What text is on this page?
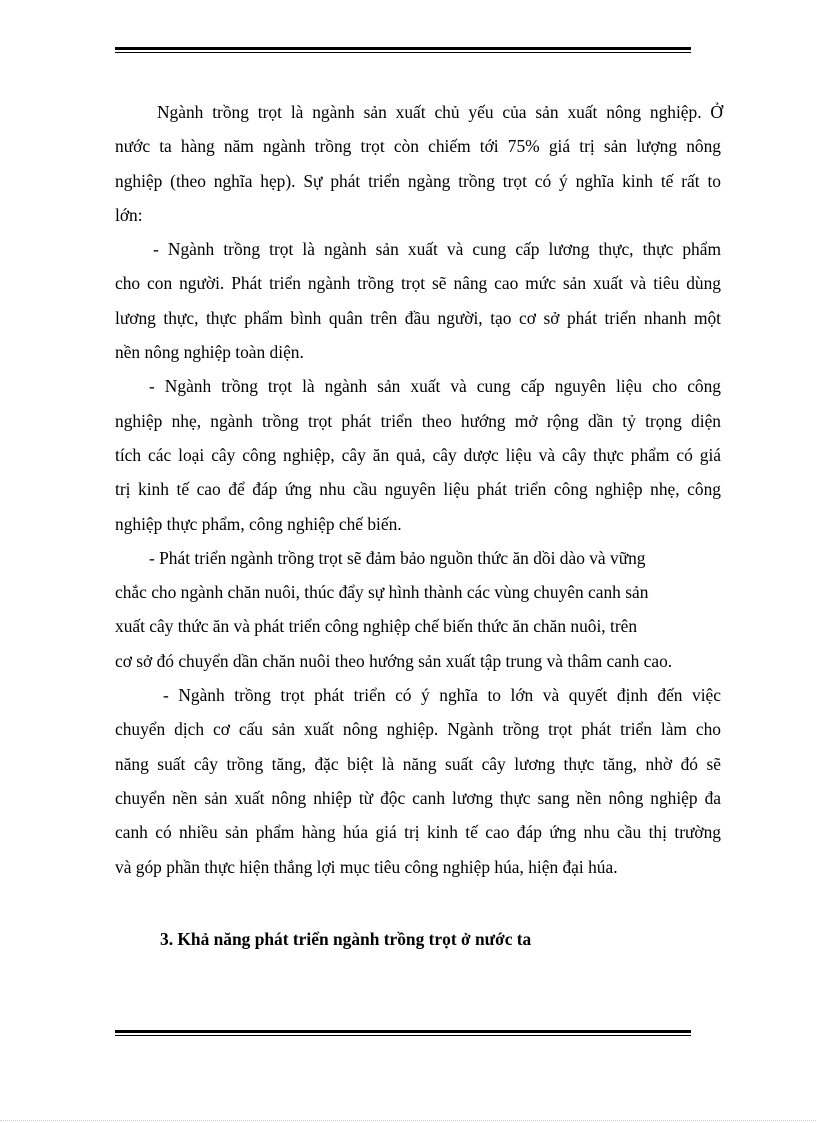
Ngành trồng trọt là ngành sản xuất chủ yếu của sản xuất nông nghiệp. Ở
nước ta hàng năm ngành trồng trọt còn chiếm tới 75% giá trị sản lượng nông
nghiệp (theo nghĩa hẹp). Sự phát triển ngàng trồng trọt có ý nghĩa kinh tế rất to
lớn:
- Ngành trồng trọt là ngành sản xuất và cung cấp lương thực, thực phẩm
cho con người. Phát triển ngành trồng trọt sẽ nâng cao mức sản xuất và tiêu dùng
lương thực, thực phẩm bình quân trên đầu người, tạo cơ sở phát triển nhanh một
nền nông nghiệp toàn diện.
- Ngành trồng trọt là ngành sản xuất và cung cấp nguyên liệu cho công
nghiệp nhẹ, ngành trồng trọt phát triển theo hướng mở rộng dần tỷ trọng diện
tích các loại cây công nghiệp, cây ăn quả, cây dược liệu và cây thực phẩm có giá
trị kinh tế cao để đáp ứng nhu cầu nguyên liệu phát triển công nghiệp nhẹ, công
nghiệp thực phẩm, công nghiệp chế biến.
- Phát triển ngành trồng trọt sẽ đảm bảo nguồn thức ăn dồi dào và vững
chắc cho ngành chăn nuôi, thúc đẩy sự hình thành các vùng chuyên canh sản
xuất cây thức ăn và phát triển công nghiệp chế biến thức ăn chăn nuôi, trên
cơ sở đó chuyển dần chăn nuôi theo hướng sản xuất tập trung và thâm canh cao.
- Ngành trồng trọt phát triển có ý nghĩa to lớn và quyết định đến việc
chuyển dịch cơ cấu sản xuất nông nghiệp. Ngành trồng trọt phát triển làm cho
năng suất cây trồng tăng, đặc biệt là năng suất cây lương thực tăng, nhờ đó sẽ
chuyển nền sản xuất nông nhiệp từ độc canh lương thực sang nền nông nghiệp đa
canh có nhiều sản phẩm hàng húa giá trị kinh tế cao đáp ứng nhu cầu thị trường
và góp phần thực hiện thắng lợi mục tiêu công nghiệp húa, hiện đại húa.
3. Khả năng phát triển ngành trồng trọt ở nước ta
